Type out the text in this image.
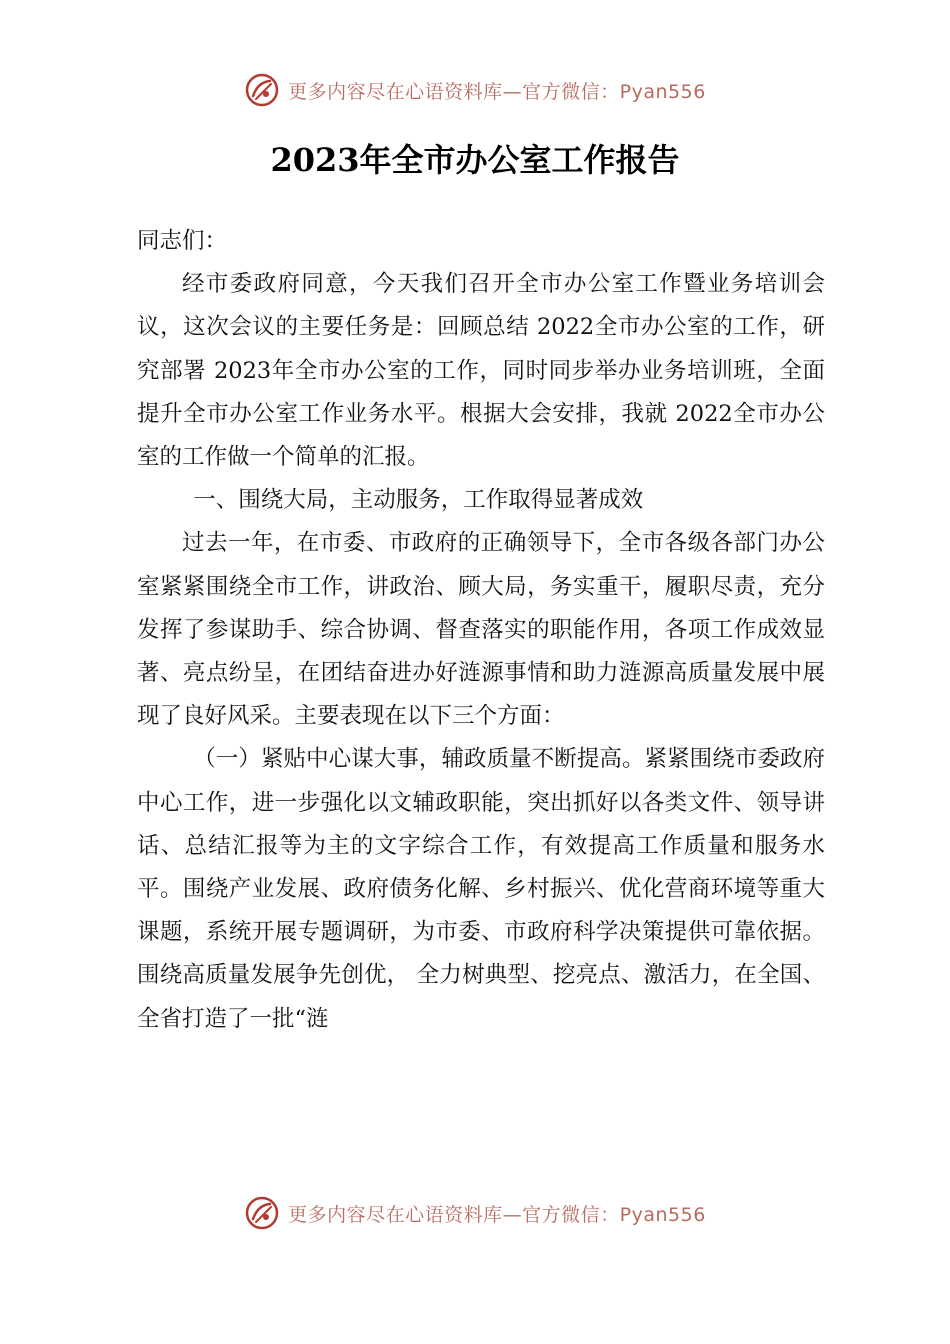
更多内容尽在心语资料库—官方微信：Pyan556
2023年全市办公室工作报告

同志们：

经市委政府同意，今天我们召开全市办公室工作暨业务培训会议，这次会议的主要任务是：回顾总结 2022全市办公室的工作，研究部署 2023年全市办公室的工作，同时同步举办业务培训班，全面提升全市办公室工作业务水平。根据大会安排，我就 2022全市办公室的工作做一个简单的汇报。

一、围绕大局，主动服务，工作取得显著成效

过去一年，在市委、市政府的正确领导下，全市各级各部门办公室紧紧围绕全市工作，讲政治、顾大局，务实重干，履职尽责，充分发挥了参谋助手、综合协调、督查落实的职能作用，各项工作成效显著、亮点纷呈，在团结奋进办好涟源事情和助力涟源高质量发展中展现了良好风采。主要表现在以下三个方面：

（一）紧贴中心谋大事，辅政质量不断提高。紧紧围绕市委政府中心工作，进一步强化以文辅政职能，突出抓好以各类文件、领导讲话、总结汇报等为主的文字综合工作，有效提高工作质量和服务水平。围绕产业发展、政府债务化解、乡村振兴、优化营商环境等重大课题，系统开展专题调研，为市委、市政府科学决策提供可靠依据。围绕高质量发展争先创优， 全力树典型、挖亮点、激活力，在全国、全省打造了一批“涟

更多内容尽在心语资料库—官方微信：Pyan556
